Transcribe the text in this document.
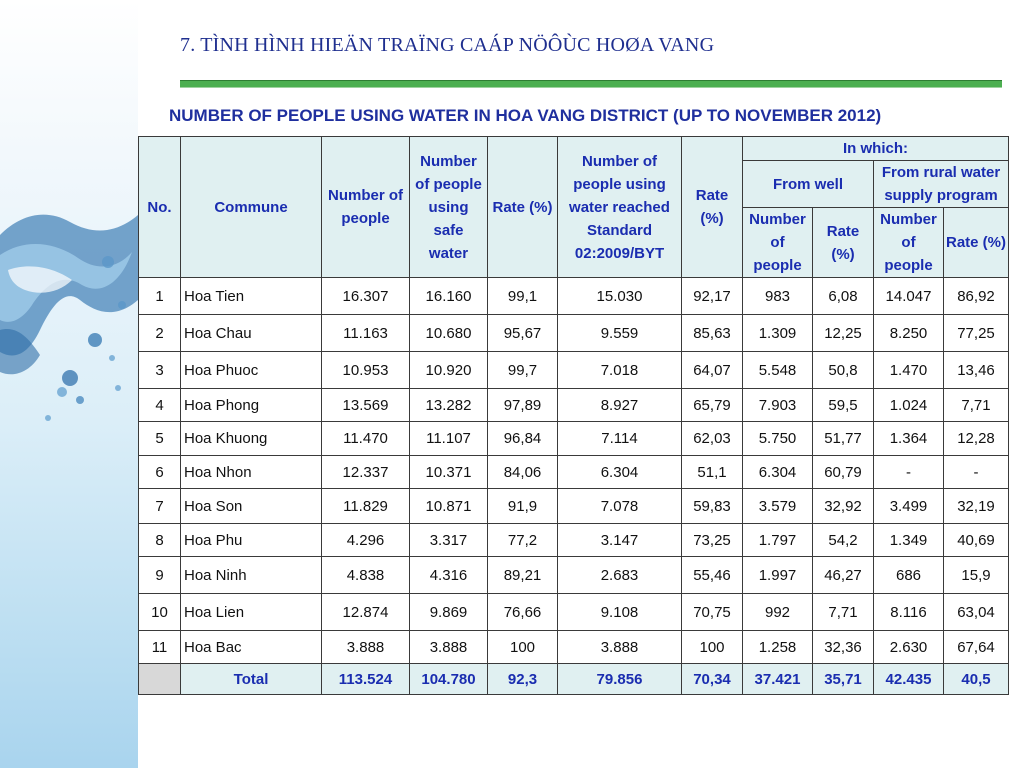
7. TÌNH HÌNH HIEÄN TRAÏNG CAÁP NÖÔÙC HOØA VANG
NUMBER OF PEOPLE USING WATER IN HOA VANG DISTRICT (UP TO NOVEMBER 2012)
No.	Commune	Number of people	Number of people using safe water	Rate (%)	Number of people using water reached Standard 02:2009/BYT	Rate (%)	In which:			
							From well		From rural water supply program	
							Number of people	Rate (%)	Number of people	Rate (%)
1	Hoa Tien	16.307	16.160	99,1	15.030	92,17	983	6,08	14.047	86,92
2	Hoa Chau	11.163	10.680	95,67	9.559	85,63	1.309	12,25	8.250	77,25
3	Hoa Phuoc	10.953	10.920	99,7	7.018	64,07	5.548	50,8	1.470	13,46
4	Hoa Phong	13.569	13.282	97,89	8.927	65,79	7.903	59,5	1.024	7,71
5	Hoa Khuong	11.470	11.107	96,84	7.114	62,03	5.750	51,77	1.364	12,28
6	Hoa Nhon	12.337	10.371	84,06	6.304	51,1	6.304	60,79	-	-
7	Hoa Son	11.829	10.871	91,9	7.078	59,83	3.579	32,92	3.499	32,19
8	Hoa Phu	4.296	3.317	77,2	3.147	73,25	1.797	54,2	1.349	40,69
9	Hoa Ninh	4.838	4.316	89,21	2.683	55,46	1.997	46,27	686	15,9
10	Hoa Lien	12.874	9.869	76,66	9.108	70,75	992	7,71	8.116	63,04
11	Hoa Bac	3.888	3.888	100	3.888	100	1.258	32,36	2.630	67,64
	Total	113.524	104.780	92,3	79.856	70,34	37.421	35,71	42.435	40,5
